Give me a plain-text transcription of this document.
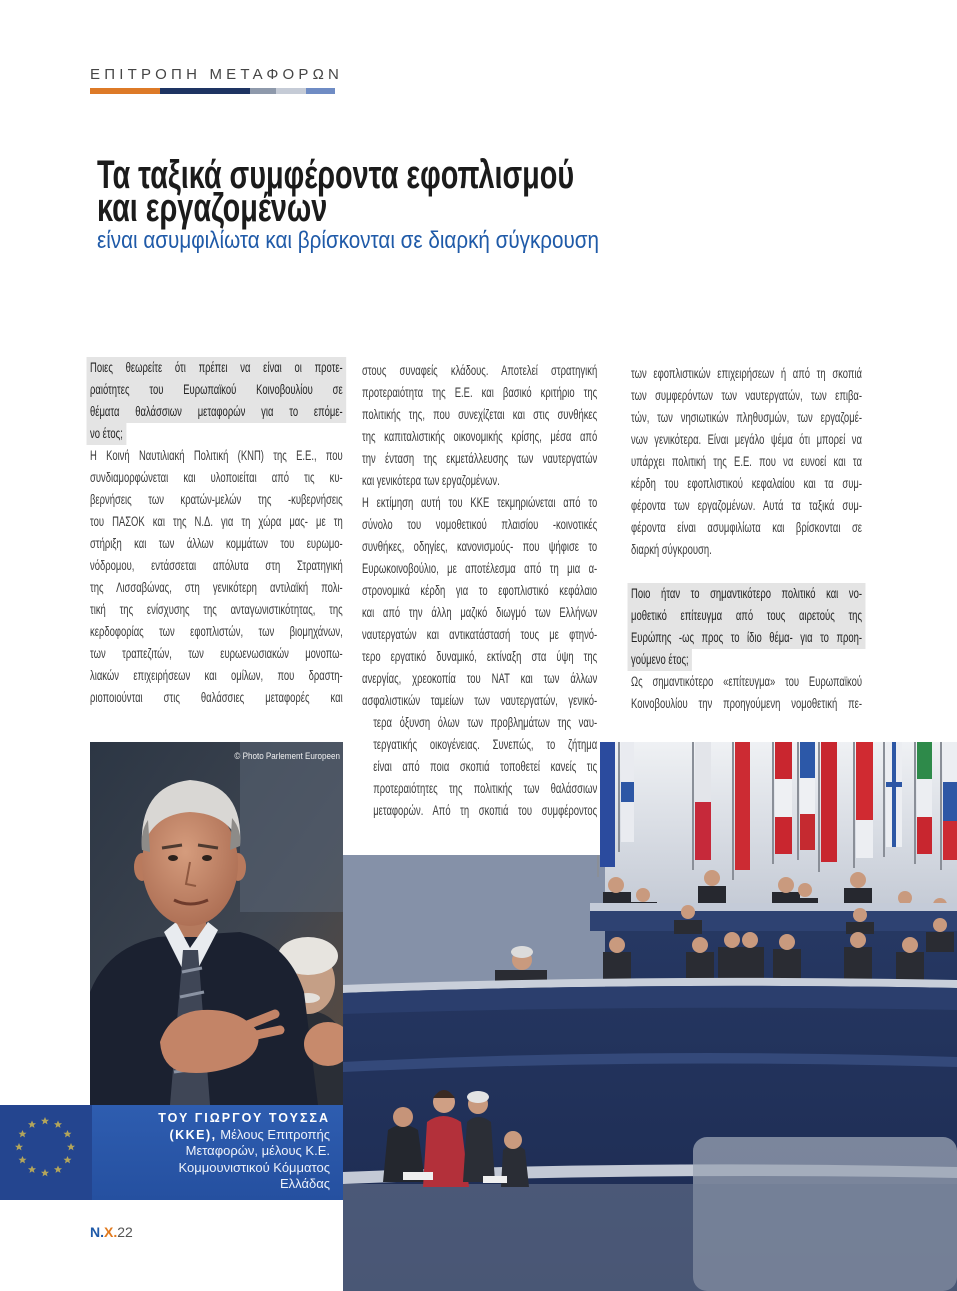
ΕΠΙΤΡΟΠΗ ΜΕΤΑΦΟΡΩΝ
Τα ταξικά συμφέροντα εφοπλισμού
και εργαζομένων
είναι ασυμφιλίωτα και βρίσκονται σε διαρκή σύγκρουση
Ποιες θεωρείτε ότι πρέπει να είναι οι προτε-
ραιότητες του Ευρωπαϊκού Κοινοβουλίου σε
θέματα θαλάσσιων μεταφορών για το επόμε-
νο έτος;
Η Κοινή Ναυτιλιακή Πολιτική (ΚΝΠ) της Ε.Ε., που
συνδιαμορφώνεται και υλοποιείται από τις κυ-
βερνήσεις των κρατών-μελών της -κυβερνήσεις
του ΠΑΣΟΚ και της Ν.Δ. για τη χώρα μας- με τη
στήριξη και των άλλων κομμάτων του ευρωμο-
νόδρομου, εντάσσεται απόλυτα στη Στρατηγική
της Λισσαβώνας, στη γενικότερη αντιλαϊκή πολι-
τική της ενίσχυσης της ανταγωνιστικότητας, της
κερδοφορίας των εφοπλιστών, των βιομηχάνων,
των τραπεζιτών, των ευρωενωσιακών μονοπω-
λιακών επιχειρήσεων και ομίλων, που δραστη-
ριοποιούνται στις θαλάσσιες μεταφορές και
στους συναφείς κλάδους. Αποτελεί στρατηγική
προτεραιότητα της Ε.Ε. και βασικό κριτήριο της
πολιτικής της, που συνεχίζεται και στις συνθήκες
της καπιταλιστικής οικονομικής κρίσης, μέσα από
την ένταση της εκμετάλλευσης των ναυτεργατών
και γενικότερα των εργαζομένων.
Η εκτίμηση αυτή του ΚΚΕ τεκμηριώνεται από το
σύνολο του νομοθετικού πλαισίου -κοινοτικές
συνθήκες, οδηγίες, κανονισμούς- που ψήφισε το
Ευρωκοινοβούλιο, με αποτέλεσμα από τη μια α-
στρονομικά κέρδη για το εφοπλιστικό κεφάλαιο
και από την άλλη μαζικό διωγμό των Ελλήνων
ναυτεργατών και αντικατάστασή τους με φτηνό-
τερο εργατικό δυναμικό, εκτίναξη στα ύψη της
ανεργίας, χρεοκοπία του ΝΑΤ και των άλλων
ασφαλιστικών ταμείων των ναυτεργατών, γενικό-
τερα όξυνση όλων των προβλημάτων της ναυ-
τεργατικής οικογένειας. Συνεπώς, το ζήτημα
είναι από ποια σκοπιά τοποθετεί κανείς τις
προτεραιότητες της πολιτικής των θαλάσσιων
μεταφορών. Από τη σκοπιά του συμφέροντος
των εφοπλιστικών επιχειρήσεων ή από τη σκοπιά
των συμφερόντων των ναυτεργατών, των επιβα-
τών, των νησιωτικών πληθυσμών, των εργαζομέ-
νων γενικότερα. Είναι μεγάλο ψέμα ότι μπορεί να
υπάρχει πολιτική της Ε.Ε. που να ευνοεί και τα
κέρδη του εφοπλιστικού κεφαλαίου και τα συμ-
φέροντα των εργαζομένων. Αυτά τα ταξικά συμ-
φέροντα είναι ασυμφιλίωτα και βρίσκονται σε
διαρκή σύγκρουση.
Ποιο ήταν το σημαντικότερο πολιτικό και νο-
μοθετικό επίτευγμα από τους αιρετούς της
Ευρώπης -ως προς το ίδιο θέμα- για το προη-
γούμενο έτος;
Ως σημαντικότερο «επίτευγμα» του Ευρωπαϊκού
Κοινοβουλίου την προηγούμενη νομοθετική πε-
© Photo Parlement Europeen
ΤΟΥ ΓΙΩΡΓΟΥ ΤΟΥΣΣΑ
(ΚΚΕ), Μέλους Επιτροπής
Μεταφορών, μέλους Κ.Ε.
Κομμουνιστικού Κόμματος
Ελλάδας
Ν.Χ.22
